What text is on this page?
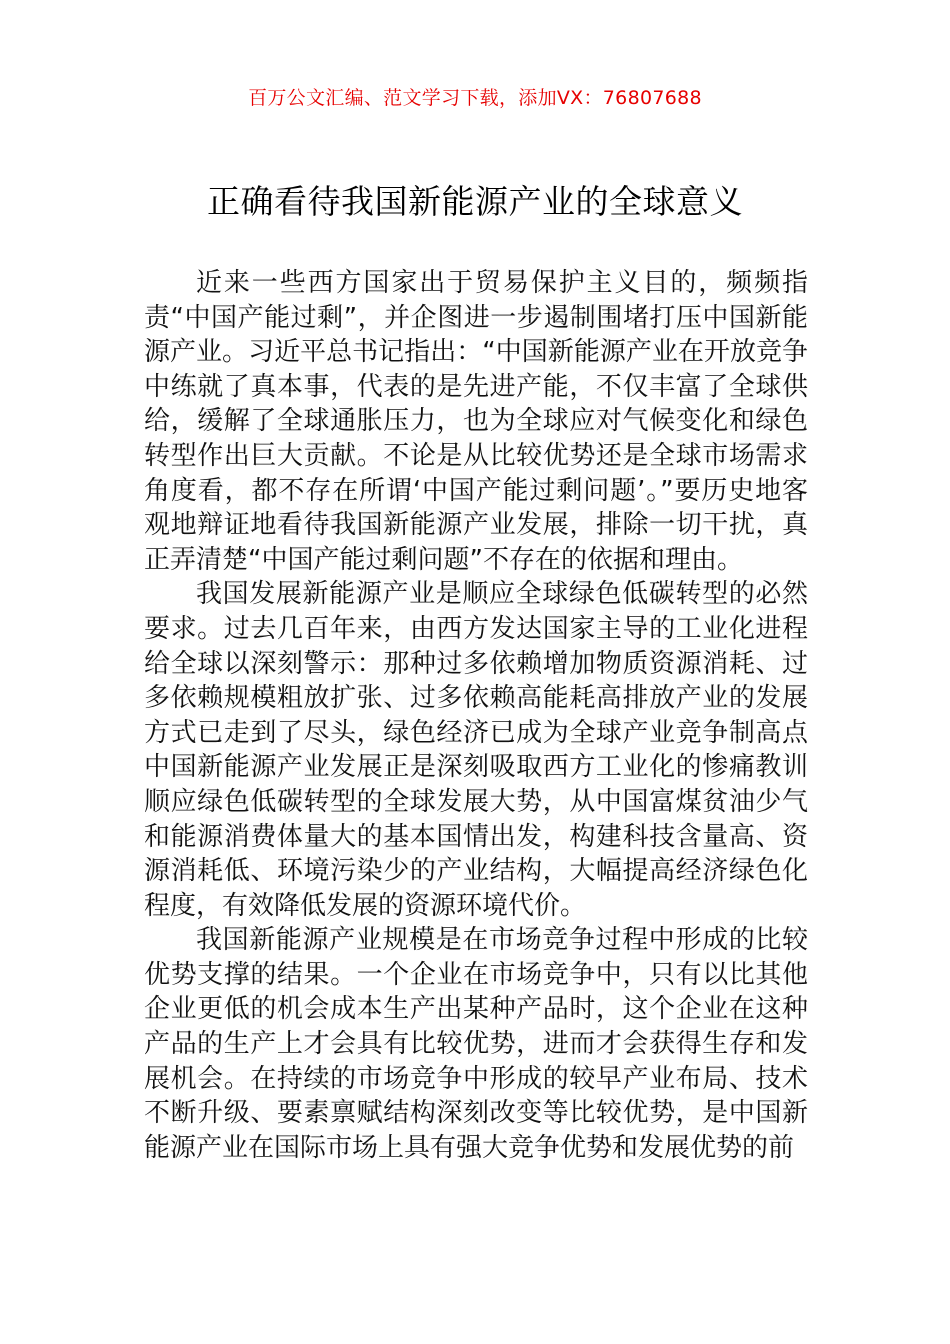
百万公文汇编、范文学习下载，添加VX：76807688
正确看待我国新能源产业的全球意义

近来一些西方国家出于贸易保护主义目的，频频指责“中国产能过剩”，并企图进一步遏制围堵打压中国新能源产业。习近平总书记指出：“中国新能源产业在开放竞争中练就了真本事，代表的是先进产能，不仅丰富了全球供给，缓解了全球通胀压力，也为全球应对气候变化和绿色转型作出巨大贡献。不论是从比较优势还是全球市场需求角度看，都不存在所谓‘中国产能过剩问题’。”要历史地客观地辩证地看待我国新能源产业发展，排除一切干扰，真正弄清楚“中国产能过剩问题”不存在的依据和理由。

我国发展新能源产业是顺应全球绿色低碳转型的必然要求。过去几百年来，由西方发达国家主导的工业化进程给全球以深刻警示：那种过多依赖增加物质资源消耗、过多依赖规模粗放扩张、过多依赖高能耗高排放产业的发展方式已走到了尽头，绿色经济已成为全球产业竞争制高点中国新能源产业发展正是深刻吸取西方工业化的惨痛教训顺应绿色低碳转型的全球发展大势，从中国富煤贫油少气和能源消费体量大的基本国情出发，构建科技含量高、资源消耗低、环境污染少的产业结构，大幅提高经济绿色化程度，有效降低发展的资源环境代价。

我国新能源产业规模是在市场竞争过程中形成的比较优势支撑的结果。一个企业在市场竞争中，只有以比其他企业更低的机会成本生产出某种产品时，这个企业在这种产品的生产上才会具有比较优势，进而才会获得生存和发展机会。在持续的市场竞争中形成的较早产业布局、技术不断升级、要素禀赋结构深刻改变等比较优势，是中国新能源产业在国际市场上具有强大竞争优势和发展优势的前
